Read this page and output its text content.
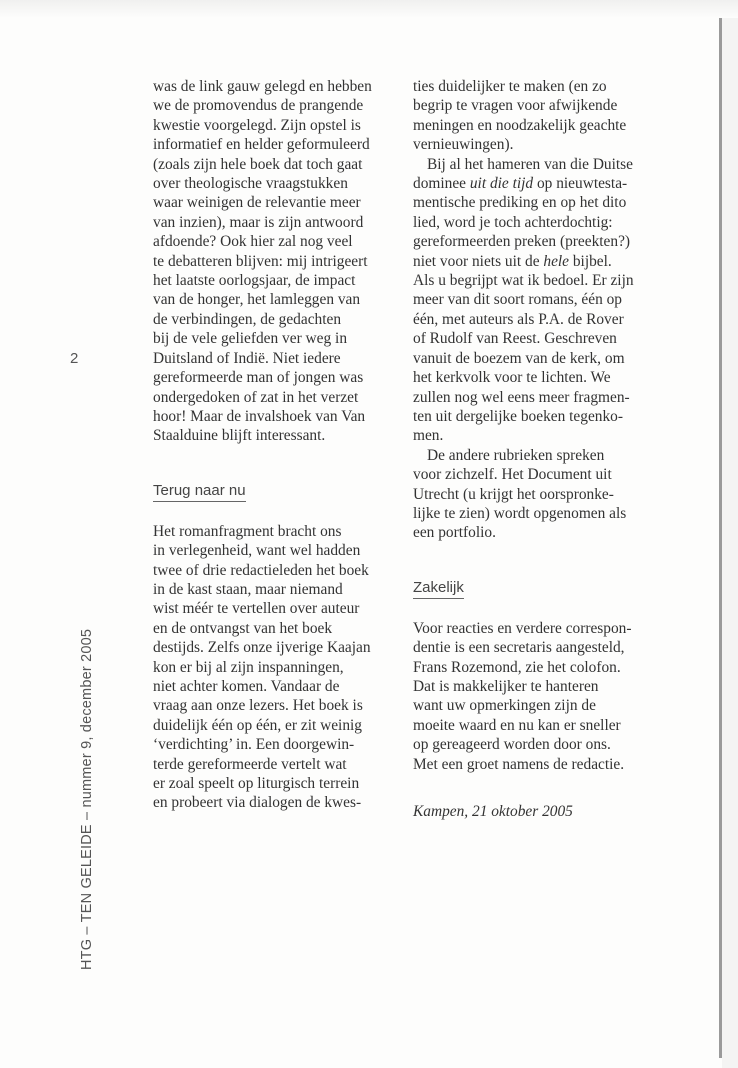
2
HTG – TEN GELEIDE – nummer 9, december 2005

was de link gauw gelegd en hebben
we de promovendus de prangende
kwestie voorgelegd. Zijn opstel is
informatief en helder geformuleerd
(zoals zijn hele boek dat toch gaat
over theologische vraagstukken
waar weinigen de relevantie meer
van inzien), maar is zijn antwoord
afdoende? Ook hier zal nog veel
te debatteren blijven: mij intrigeert
het laatste oorlogsjaar, de impact
van de honger, het lamleggen van
de verbindingen, de gedachten
bij de vele geliefden ver weg in
Duitsland of Indië. Niet iedere
gereformeerde man of jongen was
ondergedoken of zat in het verzet
hoor! Maar de invalshoek van Van
Staalduine blijft interessant.

Terug naar nu

Het romanfragment bracht ons
in verlegenheid, want wel hadden
twee of drie redactieleden het boek
in de kast staan, maar niemand
wist méér te vertellen over auteur
en de ontvangst van het boek
destijds. Zelfs onze ijverige Kaajan
kon er bij al zijn inspanningen,
niet achter komen. Vandaar de
vraag aan onze lezers. Het boek is
duidelijk één op één, er zit weinig
‘verdichting’ in. Een doorgewin-
terde gereformeerde vertelt wat
er zoal speelt op liturgisch terrein
en probeert via dialogen de kwes-

ties duidelijker te maken (en zo
begrip te vragen voor afwijkende
meningen en noodzakelijk geachte
vernieuwingen).

Bij al het hameren van die Duitse
dominee uit die tijd op nieuwtesta-
mentische prediking en op het dito
lied, word je toch achterdochtig:
gereformeerden preken (preekten?)
niet voor niets uit de hele bijbel.
Als u begrijpt wat ik bedoel. Er zijn
meer van dit soort romans, één op
één, met auteurs als P.A. de Rover
of Rudolf van Reest. Geschreven
vanuit de boezem van de kerk, om
het kerkvolk voor te lichten. We
zullen nog wel eens meer fragmen-
ten uit dergelijke boeken tegenko-
men.

De andere rubrieken spreken
voor zichzelf. Het Document uit
Utrecht (u krijgt het oorspronke-
lijke te zien) wordt opgenomen als
een portfolio.

Zakelijk

Voor reacties en verdere correspon-
dentie is een secretaris aangesteld,
Frans Rozemond, zie het colofon.
Dat is makkelijker te hanteren
want uw opmerkingen zijn de
moeite waard en nu kan er sneller
op gereageerd worden door ons.
Met een groet namens de redactie.

Kampen, 21 oktober 2005
